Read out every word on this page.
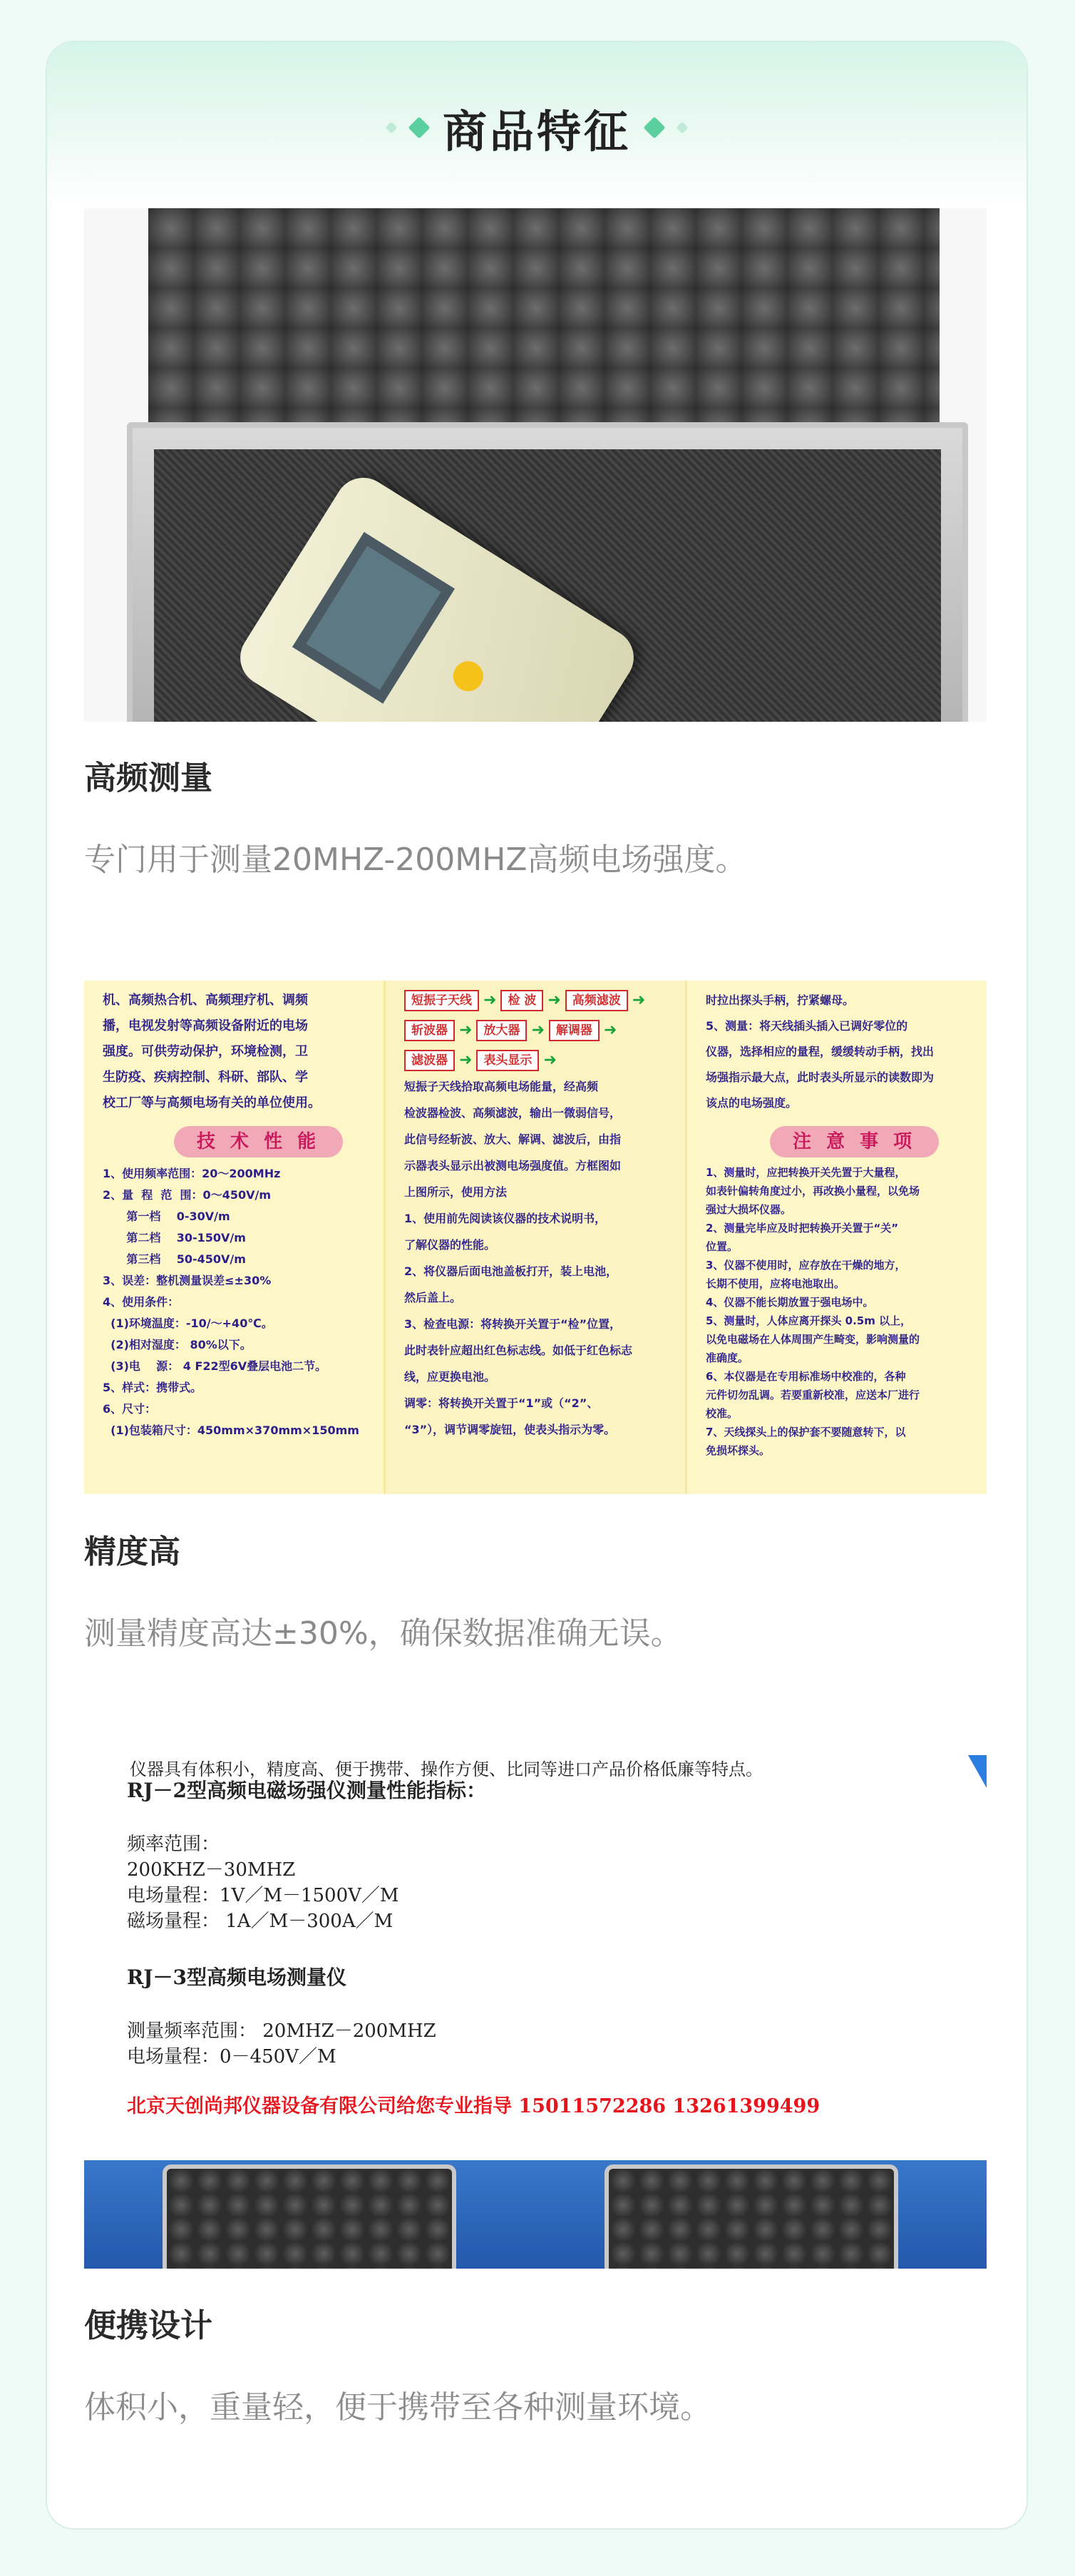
商品特征
高频测量
专门用于测量20MHZ-200MHZ高频电场强度。
机、高频热合机、高频理疗机、调频
播，电视发射等高频设备附近的电场
强度。可供劳动保护，环境检测，卫
生防疫、疾病控制、科研、部队、学
校工厂等与高频电场有关的单位使用。
技 术 性 能
1、使用频率范围：20～200MHz
2、量  程  范  围：0～450V/m
第一档    0-30V/m
第二档    30-150V/m
第三档    50-450V/m
3、误差：整机测量误差≤±30%
4、使用条件：
(1)环境温度：-10/～+40℃。
(2)相对湿度： 80%以下。
(3)电    源： 4 F22型6V叠层电池二节。
5、样式：携带式。
6、尺寸：
(1)包装箱尺寸：450mm×370mm×150mm
短振子天线 ➜ 检 波 ➜ 高频滤波 ➜
斩波器 ➜ 放大器 ➜ 解调器 ➜
滤波器 ➜ 表头显示 ➜
短振子天线拾取高频电场能量，经高频
检波器检波、高频滤波，输出一微弱信号，
此信号经斩波、放大、解调、滤波后，由指
示器表头显示出被测电场强度值。方框图如
上图所示，使用方法
1、使用前先阅读该仪器的技术说明书，
了解仪器的性能。
2、将仪器后面电池盖板打开，装上电池，
然后盖上。
3、检查电源：将转换开关置于“检”位置，
此时表针应超出红色标志线。如低于红色标志
线，应更换电池。
调零：将转换开关置于“1”或（“2”、
“3”），调节调零旋钮，使表头指示为零。
时拉出探头手柄，拧紧螺母。
5、测量：将天线插头插入已调好零位的
仪器，选择相应的量程，缓缓转动手柄，找出
场强指示最大点，此时表头所显示的读数即为
该点的电场强度。
注 意 事 项
1、测量时，应把转换开关先置于大量程，
如表针偏转角度过小，再改换小量程，以免场
强过大损坏仪器。
2、测量完毕应及时把转换开关置于“关”
位置。
3、仪器不使用时，应存放在干燥的地方，
长期不使用，应将电池取出。
4、仪器不能长期放置于强电场中。
5、测量时，人体应离开探头 0.5m 以上，
以免电磁场在人体周围产生畸变，影响测量的
准确度。
6、本仪器是在专用标准场中校准的，各种
元件切勿乱调。若要重新校准，应送本厂进行
校准。
7、天线探头上的保护套不要随意转下，以
免损坏探头。
精度高
测量精度高达±30%，确保数据准确无误。
仪器具有体积小，精度高、便于携带、操作方便、比同等进口产品价格低廉等特点。
RJ－2型高频电磁场强仪测量性能指标：
频率范围：
200KHZ－30MHZ
电场量程：1V／M－1500V／M
磁场量程： 1A／M－300A／M
RJ－3型高频电场测量仪
测量频率范围： 20MHZ－200MHZ
电场量程：0－450V／M
北京天创尚邦仪器设备有限公司给您专业指导 15011572286 13261399499
便携设计
体积小，重量轻，便于携带至各种测量环境。
